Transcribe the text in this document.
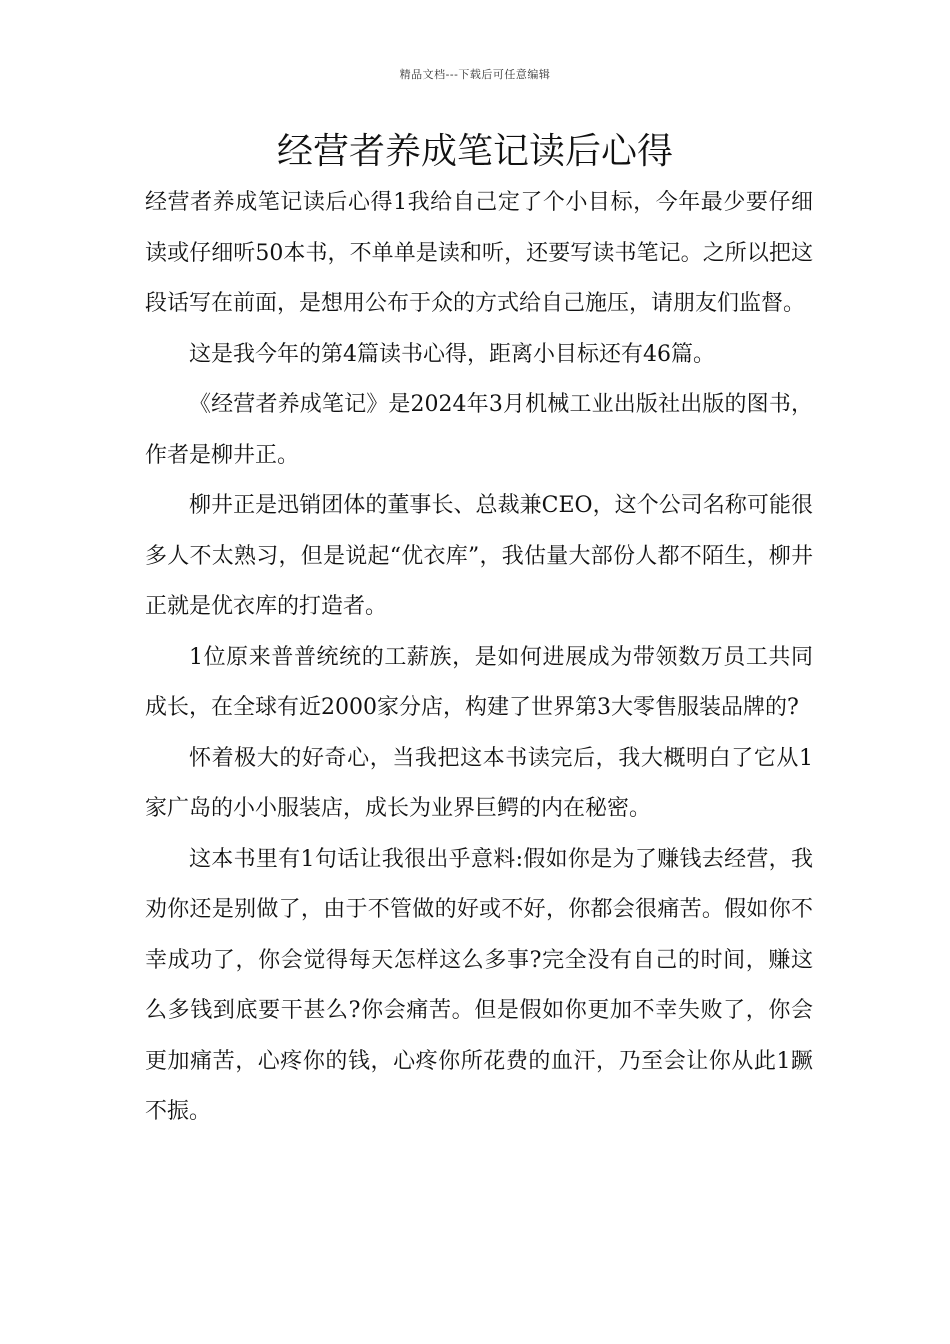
精品文档---下载后可任意编辑
经营者养成笔记读后心得

经营者养成笔记读后心得1我给自己定了个小目标，今年最少要仔细读或仔细听50本书，不单单是读和听，还要写读书笔记。之所以把这段话写在前面，是想用公布于众的方式给自己施压，请朋友们监督。

这是我今年的第4篇读书心得，距离小目标还有46篇。

《经营者养成笔记》是2024年3月机械工业出版社出版的图书，作者是柳井正。

柳井正是迅销团体的董事长、总裁兼CEO，这个公司名称可能很多人不太熟习，但是说起“优衣库”，我估量大部份人都不陌生，柳井正就是优衣库的打造者。

1位原来普普统统的工薪族，是如何进展成为带领数万员工共同成长，在全球有近2000家分店，构建了世界第3大零售服装品牌的?

怀着极大的好奇心，当我把这本书读完后，我大概明白了它从1家广岛的小小服装店，成长为业界巨鳄的内在秘密。

这本书里有1句话让我很出乎意料:假如你是为了赚钱去经营，我劝你还是别做了，由于不管做的好或不好，你都会很痛苦。假如你不幸成功了，你会觉得每天怎样这么多事?完全没有自己的时间，赚这么多钱到底要干甚么?你会痛苦。但是假如你更加不幸失败了，你会更加痛苦，心疼你的钱，心疼你所花费的血汗，乃至会让你从此1蹶不振。
